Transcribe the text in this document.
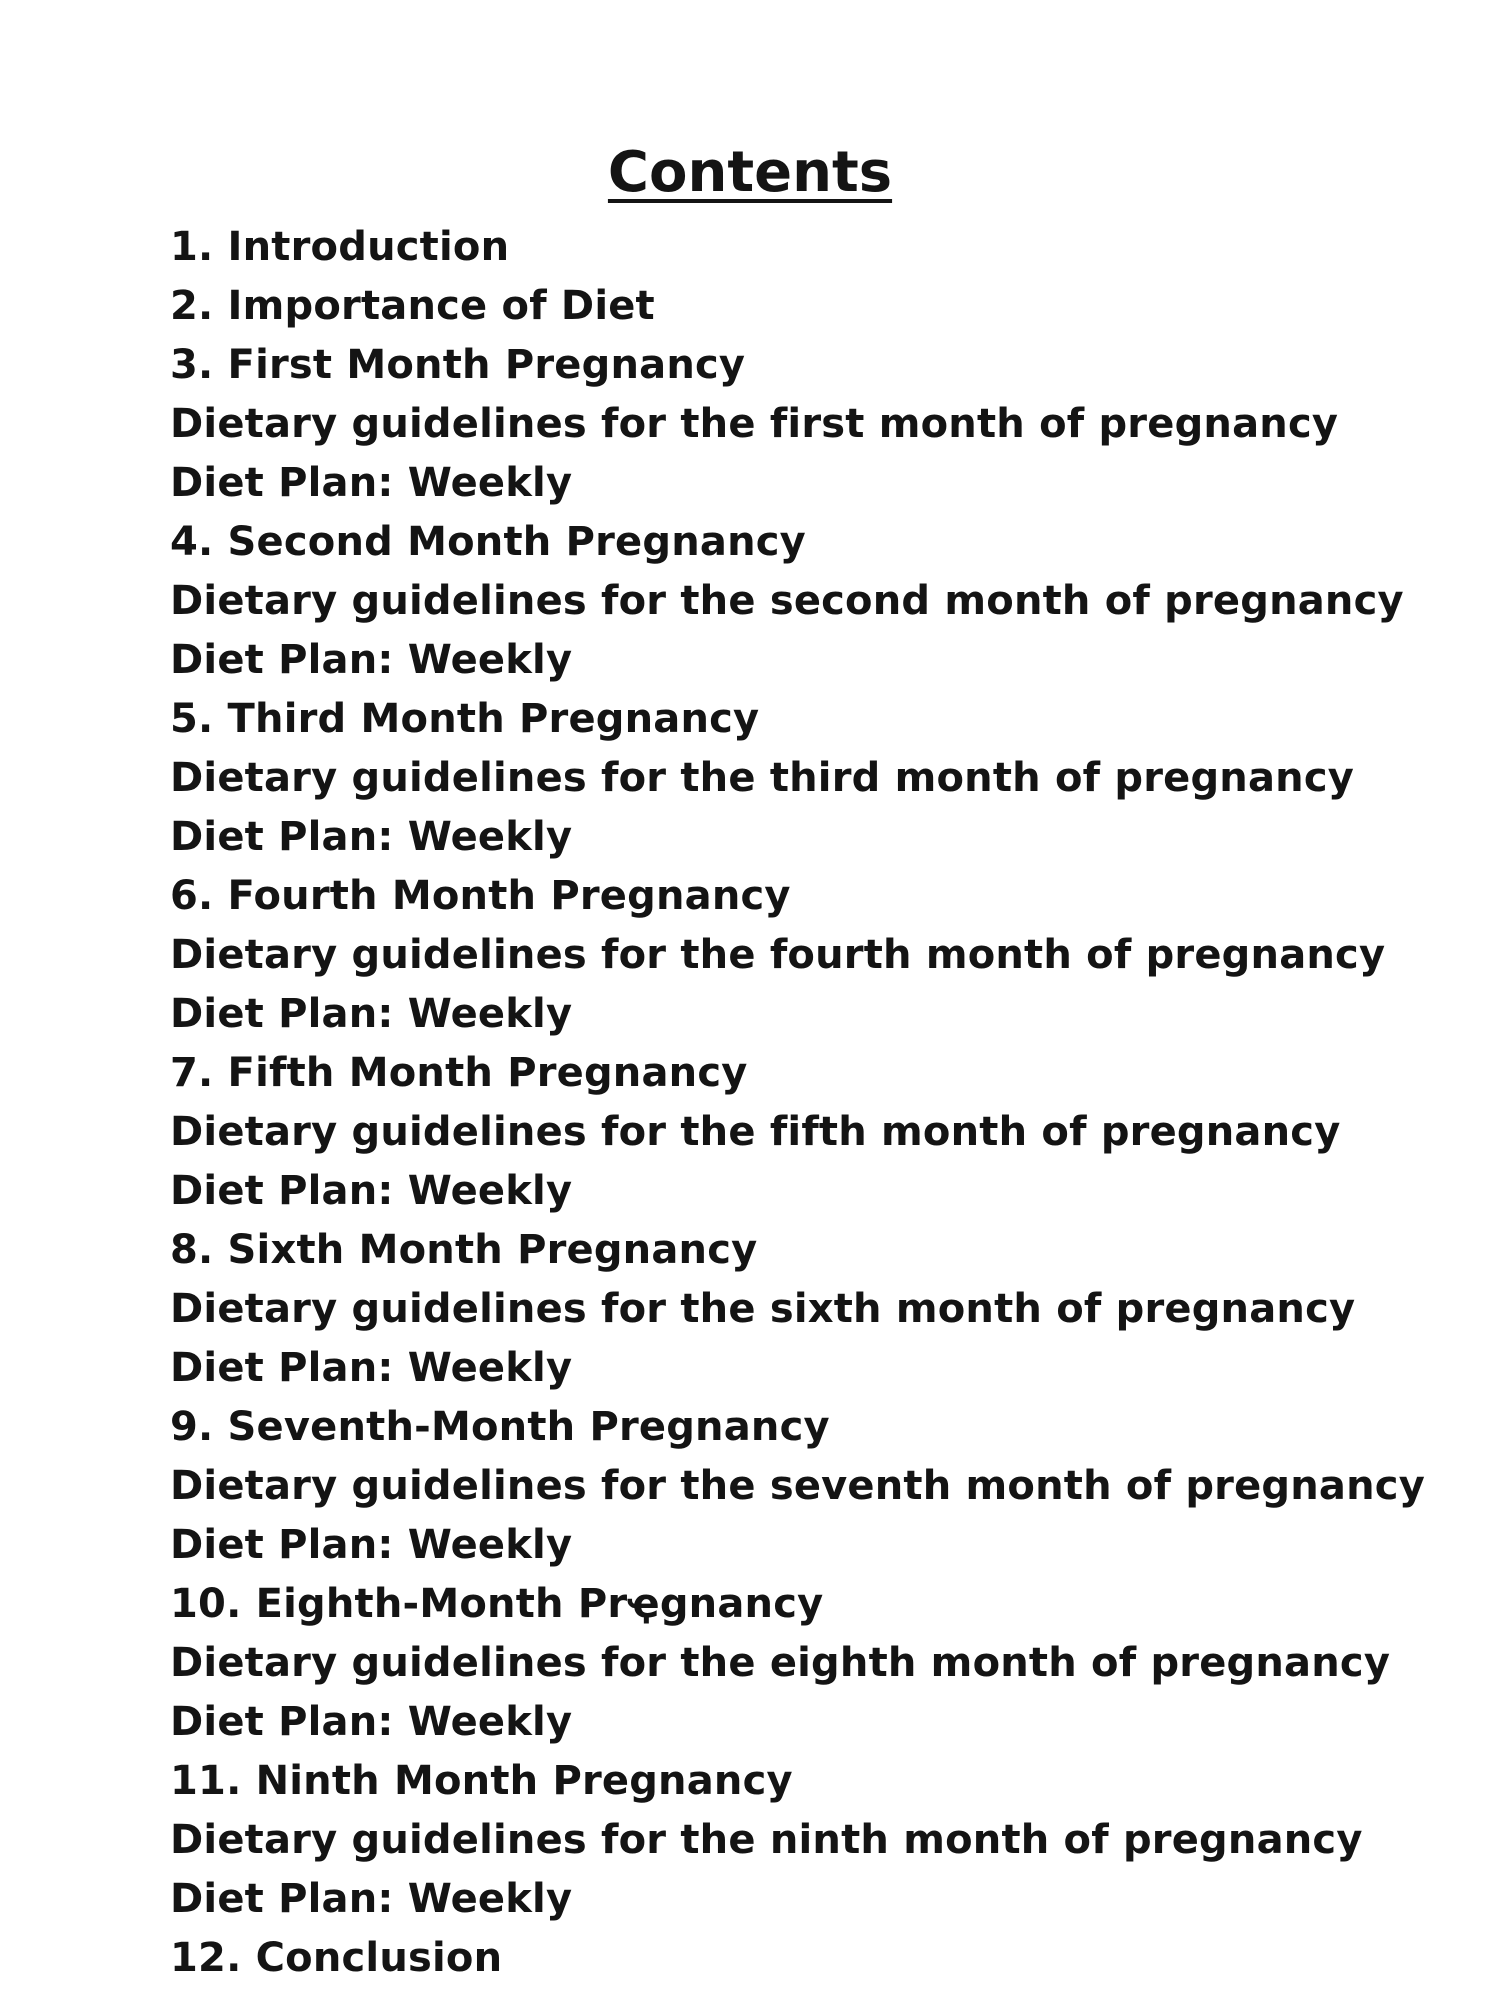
Contents
1. Introduction
2. Importance of Diet
3. First Month Pregnancy
Dietary guidelines for the first month of pregnancy
Diet Plan: Weekly
4. Second Month Pregnancy
Dietary guidelines for the second month of pregnancy
Diet Plan: Weekly
5. Third Month Pregnancy
Dietary guidelines for the third month of pregnancy
Diet Plan: Weekly
6. Fourth Month Pregnancy
Dietary guidelines for the fourth month of pregnancy
Diet Plan: Weekly
7. Fifth Month Pregnancy
Dietary guidelines for the fifth month of pregnancy
Diet Plan: Weekly
8. Sixth Month Pregnancy
Dietary guidelines for the sixth month of pregnancy
Diet Plan: Weekly
9. Seventh-Month Pregnancy
Dietary guidelines for the seventh month of pregnancy
Diet Plan: Weekly
10. Eighth-Month Prҿgnancy
Dietary guidelines for the eighth month of pregnancy
Diet Plan: Weekly
11. Ninth Month Pregnancy
Dietary guidelines for the ninth month of pregnancy
Diet Plan: Weekly
12. Conclusion
